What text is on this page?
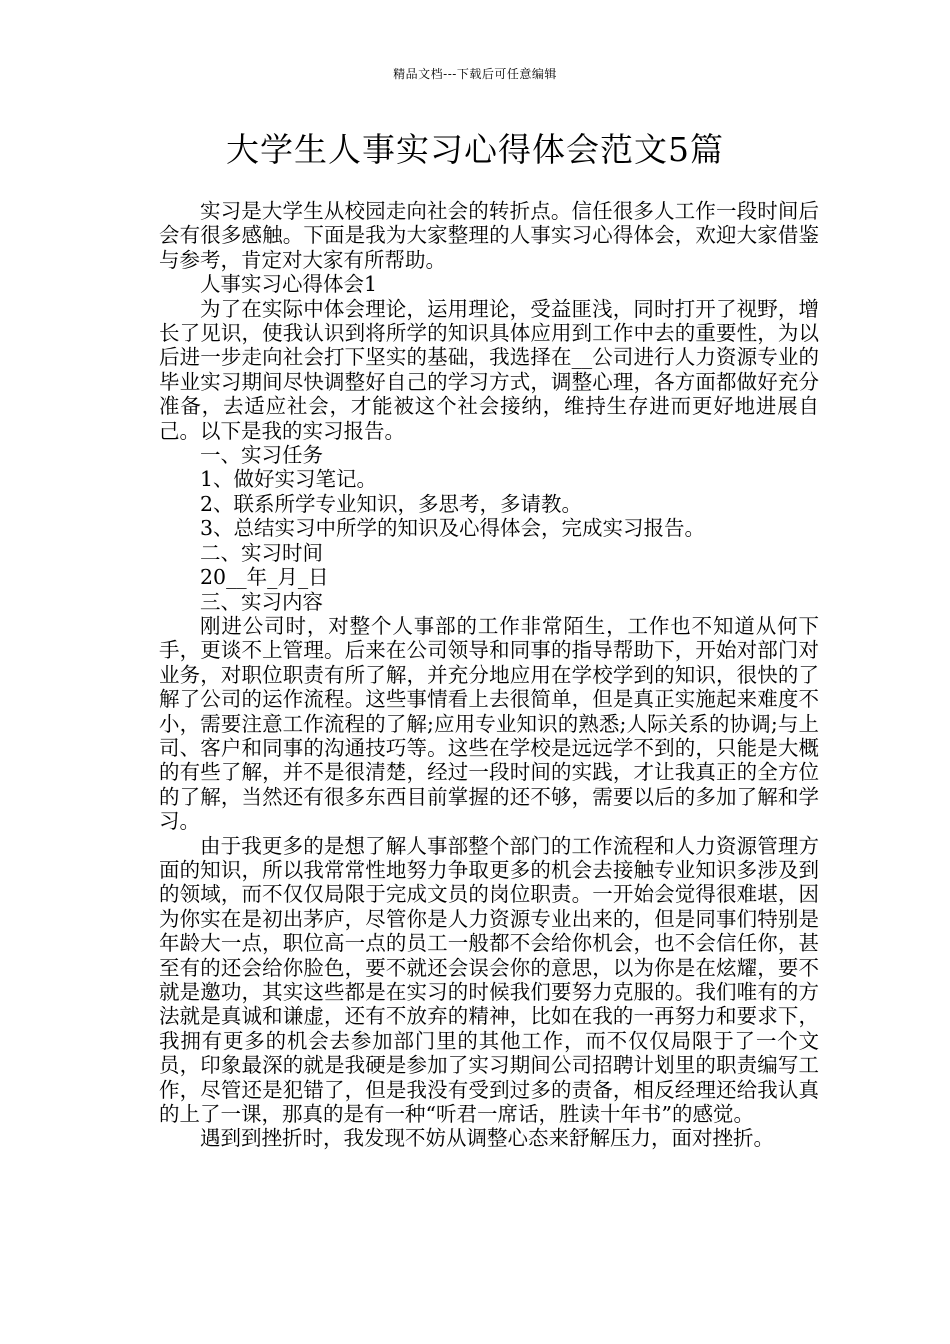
精品文档---下载后可任意编辑
大学生人事实习心得体会范文5篇

实习是大学生从校园走向社会的转折点。信任很多人工作一段时间后会有很多感触。下面是我为大家整理的人事实习心得体会，欢迎大家借鉴与参考，肯定对大家有所帮助。

人事实习心得体会1

为了在实际中体会理论，运用理论，受益匪浅，同时打开了视野，增长了见识，使我认识到将所学的知识具体应用到工作中去的重要性，为以后进一步走向社会打下坚实的基础，我选择在__公司进行人力资源专业的毕业实习期间尽快调整好自己的学习方式，调整心理，各方面都做好充分准备，去适应社会，才能被这个社会接纳，维持生存进而更好地进展自己。以下是我的实习报告。

一、实习任务

1、做好实习笔记。

2、联系所学专业知识，多思考，多请教。

3、总结实习中所学的知识及心得体会，完成实习报告。

二、实习时间

20__年_月_日

三、实习内容

刚进公司时，对整个人事部的工作非常陌生，工作也不知道从何下手，更谈不上管理。后来在公司领导和同事的指导帮助下，开始对部门对业务，对职位职责有所了解，并充分地应用在学校学到的知识，很快的了解了公司的运作流程。这些事情看上去很简单，但是真正实施起来难度不小，需要注意工作流程的了解;应用专业知识的熟悉;人际关系的协调;与上司、客户和同事的沟通技巧等。这些在学校是远远学不到的，只能是大概的有些了解，并不是很清楚，经过一段时间的实践，才让我真正的全方位的了解，当然还有很多东西目前掌握的还不够，需要以后的多加了解和学习。

由于我更多的是想了解人事部整个部门的工作流程和人力资源管理方面的知识，所以我常常性地努力争取更多的机会去接触专业知识多涉及到的领域，而不仅仅局限于完成文员的岗位职责。一开始会觉得很难堪，因为你实在是初出茅庐，尽管你是人力资源专业出来的，但是同事们特别是年龄大一点，职位高一点的员工一般都不会给你机会，也不会信任你，甚至有的还会给你脸色，要不就还会误会你的意思，以为你是在炫耀，要不就是邀功，其实这些都是在实习的时候我们要努力克服的。我们唯有的方法就是真诚和谦虚，还有不放弃的精神，比如在我的一再努力和要求下，我拥有更多的机会去参加部门里的其他工作，而不仅仅局限于了一个文员，印象最深的就是我硬是参加了实习期间公司招聘计划里的职责编写工作，尽管还是犯错了，但是我没有受到过多的责备，相反经理还给我认真的上了一课，那真的是有一种“听君一席话，胜读十年书”的感觉。

遇到到挫折时，我发现不妨从调整心态来舒解压力，面对挫折。
